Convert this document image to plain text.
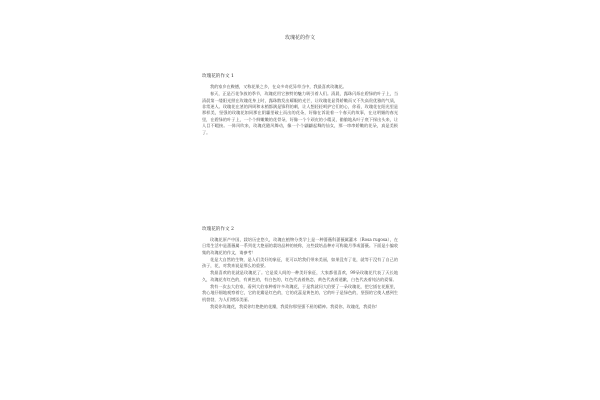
玫瑰花的作文
玫瑰花的作文 1

我的家乡在鞍德，又称花果之乡，在众多奇花异草当中，我最喜欢玫瑰花。

春天，正是百花争放的季节，玫瑰花用它独特的魅力吸引着人们。清晨，露珠闪烁在碧绿的叶子上，当清晨第一缕阳光照在玫瑰花身上时，露珠散发出耀眼的光芒，让玫瑰花显得娇嫩而又不失高贵优雅的气质，非常迷人。玫瑰花在茎的四周和末梢都满是锋利的刺，让人想轻轻呵护它们的心，你看，玫瑰花在阳光里是那样美，坚强的玫瑰花如同那在阴霾里破土而出的花朵，好像在诉说着一个春天的故事，在这明媚的春光里，在碧绿的叶子上，一个个鲜嫩嫩的花骨朵，好像一个个顽皮的小精灵，偷偷地从叶子底下探出头来，让人目不暇接。一阵风吹来，玫瑰花随风舞动，像一个个翩翩起舞的仙女，那一串串娇嫩的花朵，真是美极了。

玫瑰花的作文 2

玫瑰花原产中国，栽培历史悠久，玫瑰在植物分类学上是一种蔷薇科蔷薇属灌木（Rosa rugosa），在日常生活中是蔷薇属一系列花大艳丽的栽培品种的统称，这些栽培品种亦可称做月季或蔷薇。下面是小编收集的玫瑰花的作文，请参考！

花是大自然的生物，是人们美好的象征，花可以给我们带来美丽，如果没有了花，就等于没有了自己的孩子，花，对我来说是那么的重要。

我最喜欢的花就是玫瑰花了。它是爱人间的一种美好象征，大家都很喜欢，99朵玫瑰花代表了天长地久，玫瑰花有红色的，有黄色的，有白色的，红色代表着热恋，黄色代表着道歉，白色代表着纯洁的爱情。

我有一次去大伯家，看到大伯家种着许多玫瑰花，于是我就问大伯要了一朵玫瑰花，把它插在花瓶里，我心地仔细地观察着它，它的花瓣是红色的，它的花蕊是黄色的，它的叶子是绿色的，坚强的它使人感到生机勃勃，为人们增添美丽。

我爱你玫瑰花，我爱你红艳艳的花瓣，我爱你那坚强不屈的精神。我爱你，玫瑰花，我爱你！
